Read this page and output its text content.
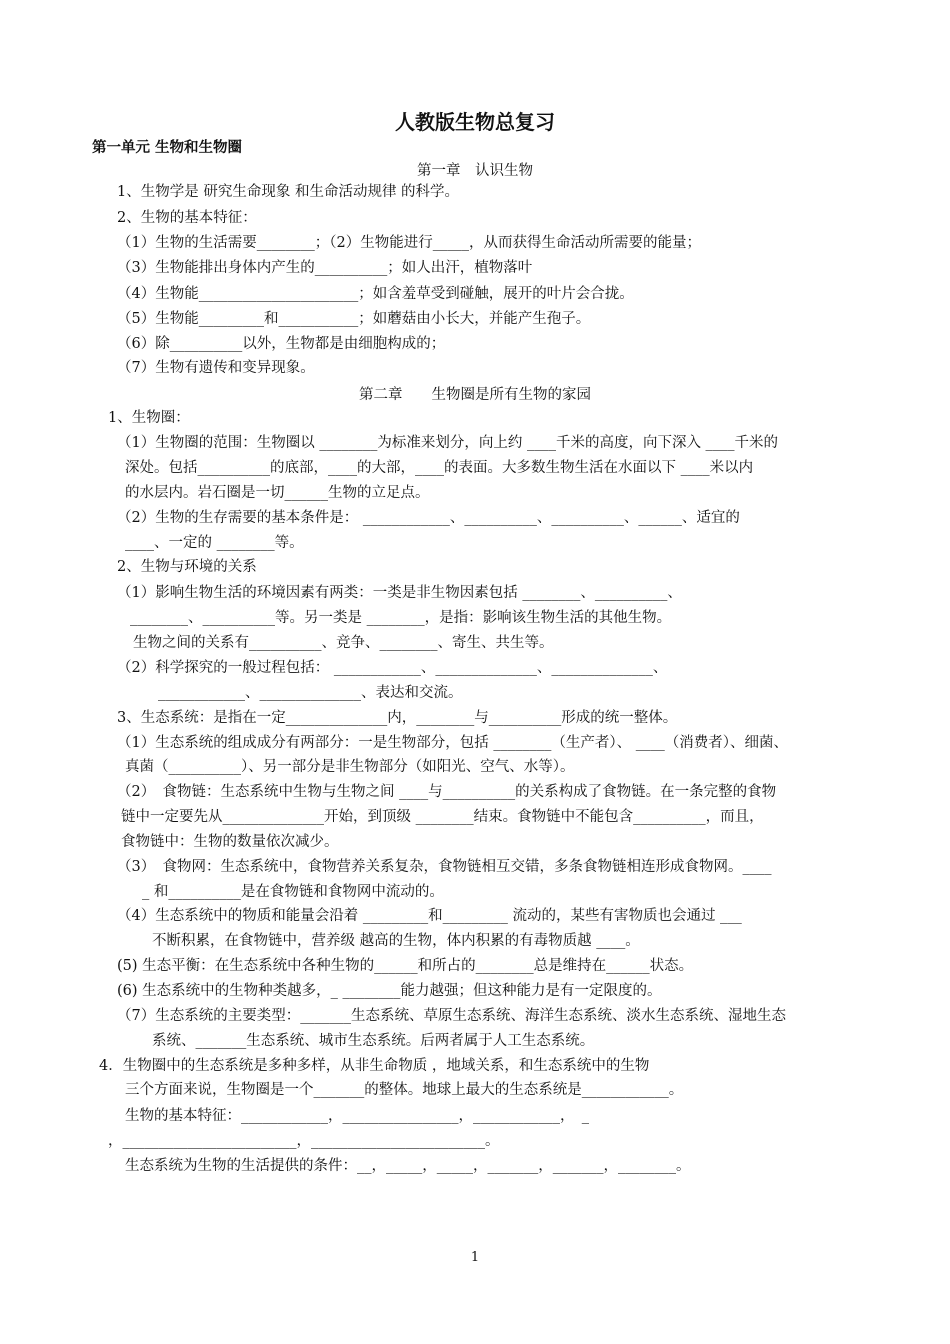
人教版生物总复习
第一单元 生物和生物圈
第一章　认识生物
1、生物学是 研究生命现象 和生命活动规律 的科学。
2、生物的基本特征：
（1）生物的生活需要________；（2）生物能进行_____，从而获得生命活动所需要的能量；
（3）生物能排出身体内产生的__________；如人出汗，植物落叶
（4）生物能______________________；如含羞草受到碰触，展开的叶片会合拢。
（5）生物能_________和___________；如蘑菇由小长大，并能产生孢子。
（6）除__________以外，生物都是由细胞构成的；
（7）生物有遗传和变异现象。
第二章　　生物圈是所有生物的家园
1、生物圈：
（1）生物圈的范围：生物圈以 ________为标准来划分，向上约 ____千米的高度，向下深入 ____千米的
深处。包括__________的底部，____的大部，____的表面。大多数生物生活在水面以下 ____米以内
的水层内。岩石圈是一切______生物的立足点。
（2）生物的生存需要的基本条件是： ____________、__________、__________、______、适宜的
____、一定的 ________等。
2、生物与环境的关系
（1）影响生物生活的环境因素有两类：一类是非生物因素包括 ________、__________、
________、__________等。另一类是 ________，是指：影响该生物生活的其他生物。
生物之间的关系有__________、竞争、________、寄生、共生等。
（2）科学探究的一般过程包括： ____________、______________、______________、
____________、______________、表达和交流。
3、生态系统：是指在一定______________内，________与__________形成的统一整体。
（1）生态系统的组成成分有两部分：一是生物部分，包括 ________（生产者）、 ____（消费者）、细菌、
真菌（__________）、另一部分是非生物部分（如阳光、空气、水等）。
（2）　食物链：生态系统中生物与生物之间 ____与__________的关系构成了食物链。在一条完整的食物
链中一定要先从______________开始，到顶级 ________结束。食物链中不能包含__________，而且，
食物链中：生物的数量依次减少。
（3）　食物网：生态系统中，食物营养关系复杂，食物链相互交错，多条食物链相连形成食物网。____
_ 和__________是在食物链和食物网中流动的。
（4）生态系统中的物质和能量会沿着 _________和_________ 流动的，某些有害物质也会通过 ___
不断积累，在食物链中，营养级 越高的生物，体内积累的有毒物质越 ____。
(5) 生态平衡：在生态系统中各种生物的______和所占的________总是维持在______状态。
(6) 生态系统中的生物种类越多，_ ________能力越强；但这种能力是有一定限度的。
（7）生态系统的主要类型：_______生态系统、草原生态系统、海洋生态系统、淡水生态系统、湿地生态
系统、_______生态系统、城市生态系统。后两者属于人工生态系统。
4．生物圈中的生态系统是多种多样，从非生命物质 ，地域关系，和生态系统中的生物
三个方面来说，生物圈是一个_______的整体。地球上最大的生态系统是____________。
生物的基本特征：____________，________________，____________，　_
，________________________，________________________。
生态系统为生物的生活提供的条件：__，_____，_____，_______，_______，________。
1
